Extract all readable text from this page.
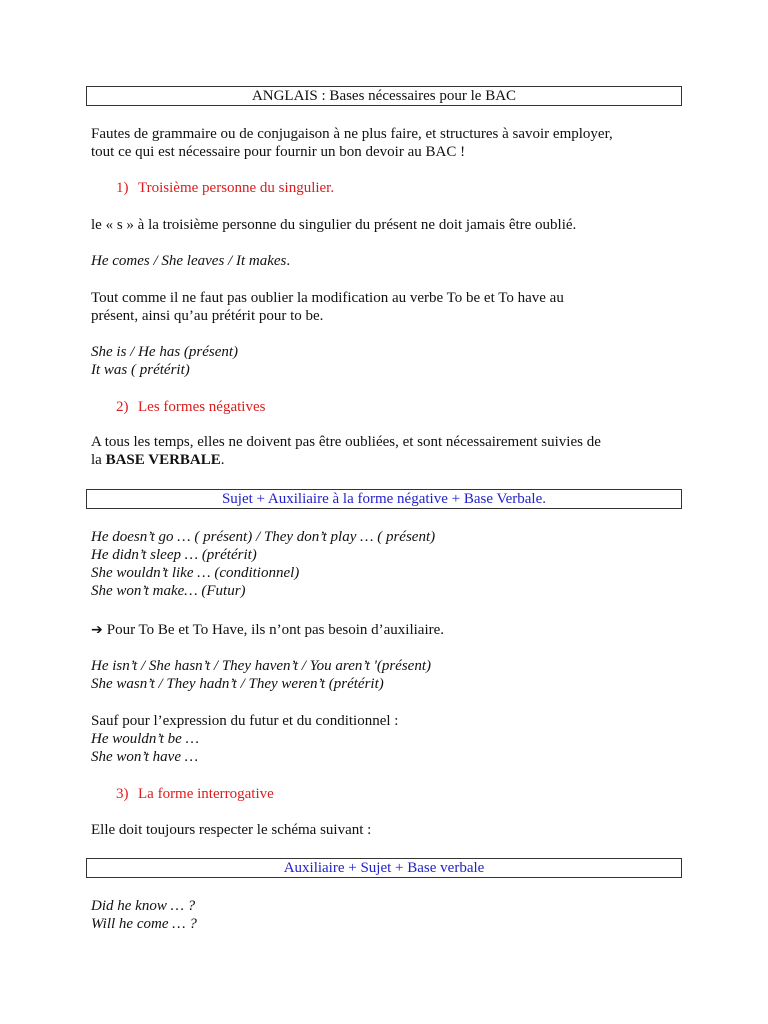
ANGLAIS : Bases nécessaires pour le BAC
Fautes de grammaire ou de conjugaison à ne plus faire, et structures à savoir employer,
tout ce qui est nécessaire pour fournir un bon devoir au BAC !
1) Troisième personne du singulier.
le « s » à la troisième personne du singulier du présent ne doit jamais être oublié.
He comes / She leaves / It makes.
Tout comme il ne faut pas oublier la modification au verbe To be et To have au
présent, ainsi qu’au prétérit pour to be.
She is / He has (présent)
It was ( prétérit)
2) Les formes négatives
A tous les temps, elles ne doivent pas être oubliées, et sont nécessairement suivies de
la BASE VERBALE.
Sujet + Auxiliaire à la forme négative + Base Verbale.
He doesn’t go … ( présent) / They don’t play … ( présent)
He didn’t sleep … (prétérit)
She wouldn’t like … (conditionnel)
She won’t make… (Futur)
➔ Pour To Be et To Have, ils n’ont pas besoin d’auxiliaire.
He isn’t / She hasn’t / They haven’t / You aren’t '(présent)
She wasn’t / They hadn’t / They weren’t (prétérit)
Sauf pour l’expression du futur et du conditionnel :
He wouldn’t be …
She won’t have …
3) La forme interrogative
Elle doit toujours respecter le schéma suivant :
Auxiliaire + Sujet + Base verbale
Did he know … ?
Will he come … ?
